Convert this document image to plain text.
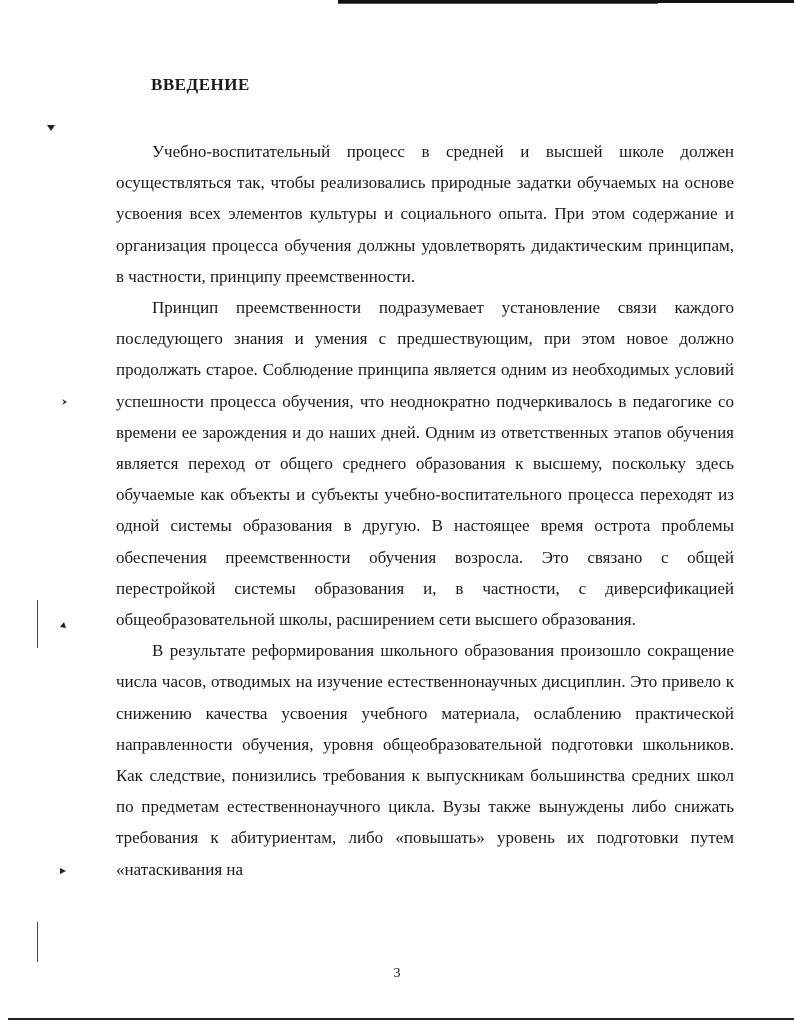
ВВЕДЕНИЕ

Учебно-воспитательный процесс в средней и высшей школе должен осуществляться так, чтобы реализовались природные задатки обучаемых на основе усвоения всех элементов культуры и социального опыта. При этом содержание и организация процесса обучения должны удовлетворять дидактическим принципам, в частности, принципу преемственности.

Принцип преемственности подразумевает установление связи каждого последующего знания и умения с предшествующим, при этом новое должно продолжать старое. Соблюдение принципа является одним из необходимых условий успешности процесса обучения, что неоднократно подчеркивалось в педагогике со времени ее зарождения и до наших дней. Одним из ответственных этапов обучения является переход от общего среднего образования к высшему, поскольку здесь обучаемые как объекты и субъекты учебно-воспитательного процесса переходят из одной системы образования в другую. В настоящее время острота проблемы обеспечения преемственности обучения возросла. Это связано с общей перестройкой системы образования и, в частности, с диверсификацией общеобразовательной школы, расширением сети высшего образования.

В результате реформирования школьного образования произошло сокращение числа часов, отводимых на изучение естественнонаучных дисциплин. Это привело к снижению качества усвоения учебного материала, ослаблению практической направленности обучения, уровня общеобразовательной подготовки школьников. Как следствие, понизились требования к выпускникам большинства средних школ по предметам естественнонаучного цикла. Вузы также вынуждены либо снижать требования к абитуриентам, либо «повышать» уровень их подготовки путем «натаскивания на

3
